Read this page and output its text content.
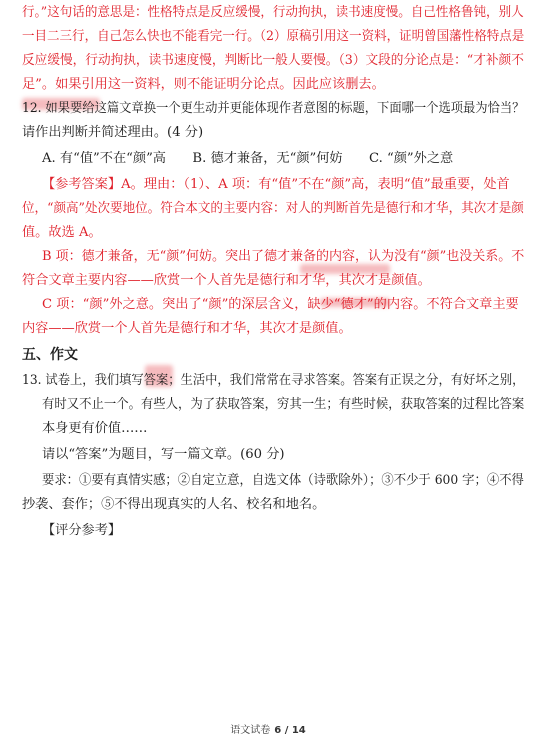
行。”这句话的意思是：性格特点是反应缓慢，行动拘执，读书速度慢。自己性格鲁钝，别人
一目二三行，自己怎么快也不能看完一行。（2）原稿引用这一资料，证明曾国藩性格特点是
反应缓慢，行动拘执，读书速度慢，判断比一般人要慢。（3）文段的分论点是：“才补颜不
足”。如果引用这一资料，则不能证明分论点。因此应该删去。
12. 如果要给这篇文章换一个更生动并更能体现作者意图的标题，下面哪一个选项最为恰当？
请作出判断并简述理由。(4 分)
A. 有“值”不在“颜”高　　B. 德才兼备，无“颜”何妨　　C. “颜”外之意
【参考答案】A。理由：（1）、A 项：有“值”不在“颜”高，表明“值”最重要，处首
位，“颜高”处次要地位。符合本文的主要内容：对人的判断首先是德行和才华，其次才是颜
值。故选 A。
B 项：德才兼备，无“颜”何妨。突出了德才兼备的内容，认为没有“颜”也没关系。不
符合文章主要内容——欣赏一个人首先是德行和才华，其次才是颜值。
C 项：“颜”外之意。突出了“颜”的深层含义，缺少“德才”的内容。不符合文章主要
内容——欣赏一个人首先是德行和才华，其次才是颜值。
五、作文
13. 试卷上，我们填写答案；生活中，我们常常在寻求答案。答案有正误之分，有好坏之别，
有时又不止一个。有些人，为了获取答案，穷其一生；有些时候，获取答案的过程比答案
本身更有价值……
请以“答案”为题目，写一篇文章。(60 分)
要求：①要有真情实感；②自定立意，自选文体（诗歌除外）；③不少于 600 字；④不得
抄袭、套作；⑤不得出现真实的人名、校名和地名。
【评分参考】
语文试卷 6 / 14
